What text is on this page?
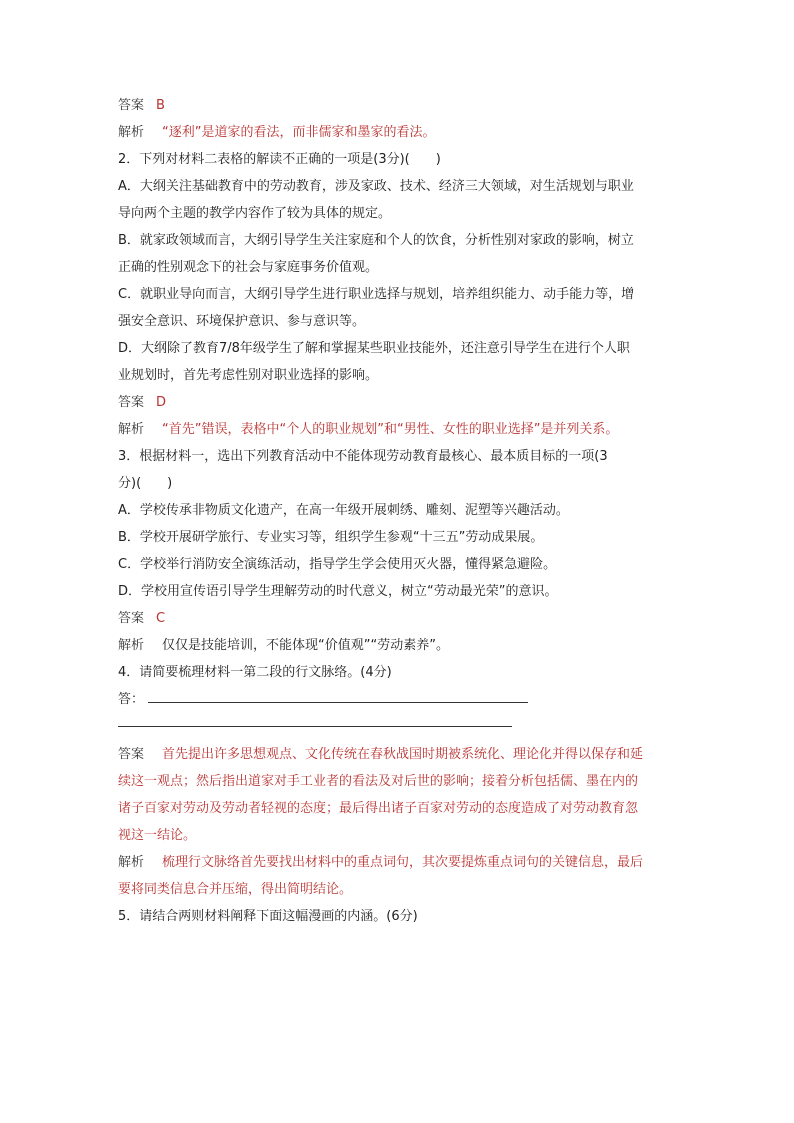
答案 B
解析 “逐利”是道家的看法，而非儒家和墨家的看法。
2．下列对材料二表格的解读不正确的一项是(3分)(　　)
A．大纲关注基础教育中的劳动教育，涉及家政、技术、经济三大领域，对生活规划与职业
导向两个主题的教学内容作了较为具体的规定。
B．就家政领域而言，大纲引导学生关注家庭和个人的饮食，分析性别对家政的影响，树立
正确的性别观念下的社会与家庭事务价值观。
C．就职业导向而言，大纲引导学生进行职业选择与规划，培养组织能力、动手能力等，增
强安全意识、环境保护意识、参与意识等。
D．大纲除了教育7/8年级学生了解和掌握某些职业技能外，还注意引导学生在进行个人职
业规划时，首先考虑性别对职业选择的影响。
答案 D
解析 “首先”错误，表格中“个人的职业规划”和“男性、女性的职业选择”是并列关系。
3．根据材料一，选出下列教育活动中不能体现劳动教育最核心、最本质目标的一项(3
分)(　　)
A．学校传承非物质文化遗产，在高一年级开展刺绣、雕刻、泥塑等兴趣活动。
B．学校开展研学旅行、专业实习等，组织学生参观“十三五”劳动成果展。
C．学校举行消防安全演练活动，指导学生学会使用灭火器，懂得紧急避险。
D．学校用宣传语引导学生理解劳动的时代意义，树立“劳动最光荣”的意识。
答案 C
解析 仅仅是技能培训，不能体现“价值观”“劳动素养”。
4．请简要梳理材料一第二段的行文脉络。(4分)
答：
答案 首先提出许多思想观点、文化传统在春秋战国时期被系统化、理论化并得以保存和延
续这一观点；然后指出道家对手工业者的看法及对后世的影响；接着分析包括儒、墨在内的
诸子百家对劳动及劳动者轻视的态度；最后得出诸子百家对劳动的态度造成了对劳动教育忽
视这一结论。
解析 梳理行文脉络首先要找出材料中的重点词句，其次要提炼重点词句的关键信息，最后
要将同类信息合并压缩，得出简明结论。
5．请结合两则材料阐释下面这幅漫画的内涵。(6分)
